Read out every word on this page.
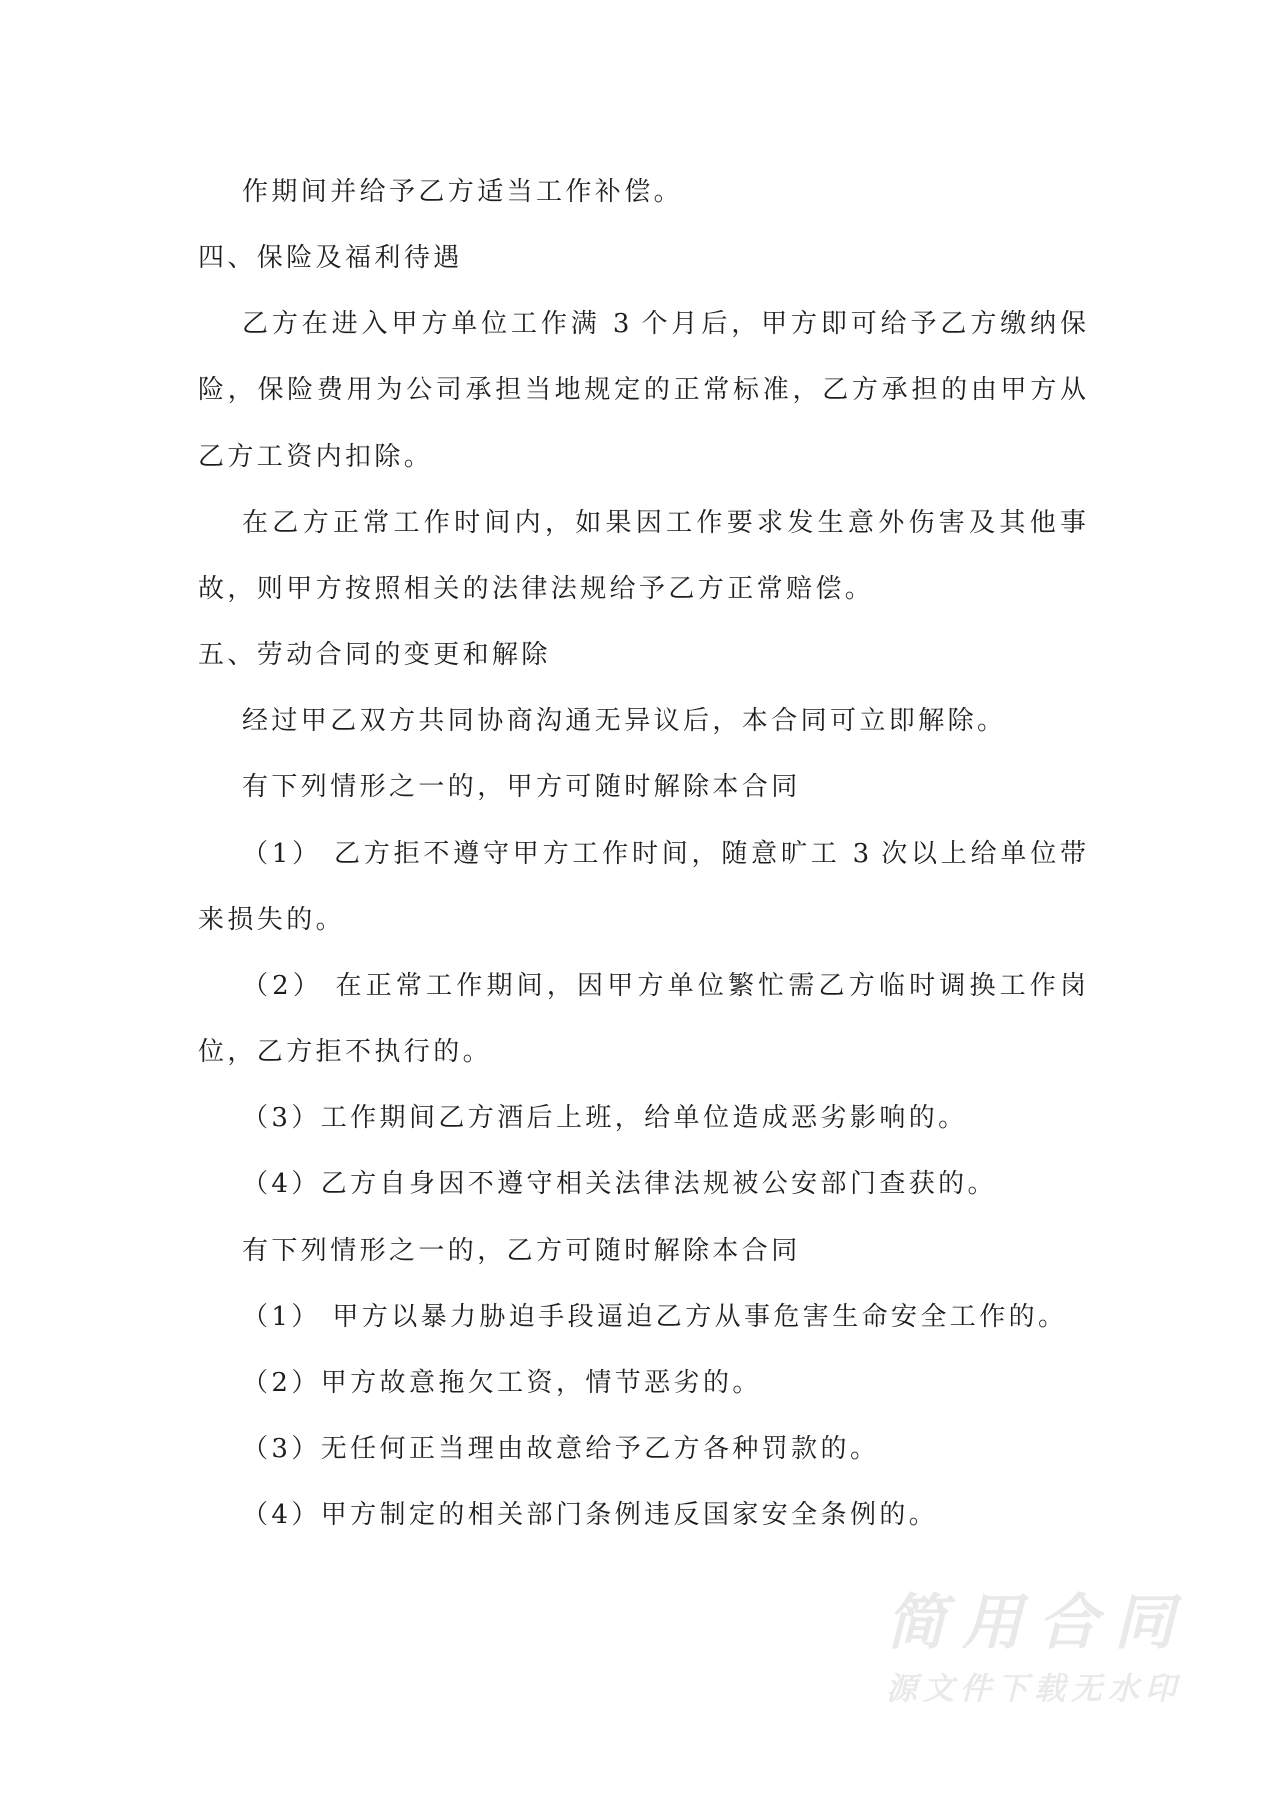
作期间并给予乙方适当工作补偿。
四、保险及福利待遇
乙方在进入甲方单位工作满 3 个月后，甲方即可给予乙方缴纳保
险，保险费用为公司承担当地规定的正常标准，乙方承担的由甲方从
乙方工资内扣除。
在乙方正常工作时间内，如果因工作要求发生意外伤害及其他事
故，则甲方按照相关的法律法规给予乙方正常赔偿。
五、劳动合同的变更和解除
经过甲乙双方共同协商沟通无异议后，本合同可立即解除。
有下列情形之一的，甲方可随时解除本合同
（1） 乙方拒不遵守甲方工作时间，随意旷工 3 次以上给单位带
来损失的。
（2） 在正常工作期间，因甲方单位繁忙需乙方临时调换工作岗
位，乙方拒不执行的。
（3）工作期间乙方酒后上班，给单位造成恶劣影响的。
（4）乙方自身因不遵守相关法律法规被公安部门查获的。
有下列情形之一的，乙方可随时解除本合同
（1） 甲方以暴力胁迫手段逼迫乙方从事危害生命安全工作的。
（2）甲方故意拖欠工资，情节恶劣的。
（3）无任何正当理由故意给予乙方各种罚款的。
（4）甲方制定的相关部门条例违反国家安全条例的。
简用合同
源文件下载无水印
